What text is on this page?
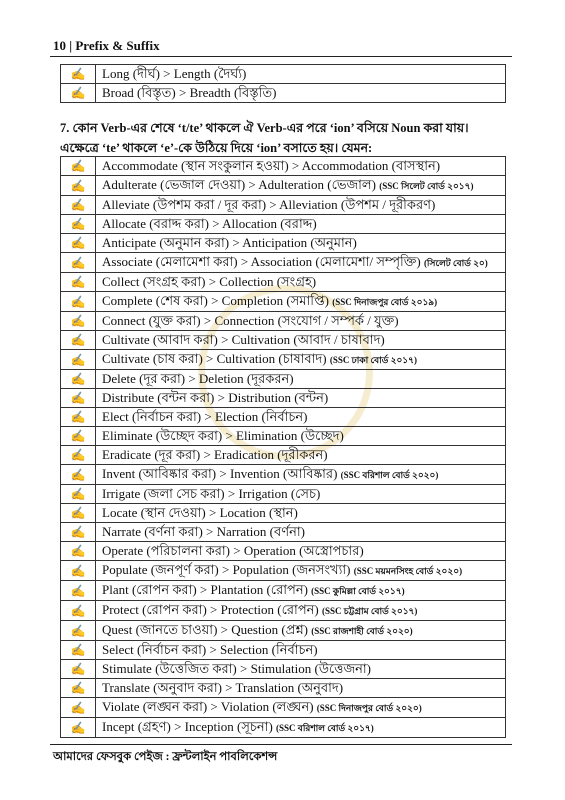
10 | Prefix & Suffix
✍	Long (দীর্ঘ) > Length (দৈর্ঘ্য)
✍	Broad (বিস্তৃত) > Breadth (বিস্তৃতি)
7. কোন Verb-এর শেষে ‘t/te’ থাকলে ঐ Verb-এর পরে ‘ion’ বসিয়ে Noun করা যায়।
এক্ষেত্রে ‘te’ থাকলে ‘e’-কে উঠিয়ে দিয়ে ‘ion’ বসাতে হয়। যেমন:
✍	Accommodate (স্থান সংকুলান হওয়া) > Accommodation (বাসস্থান)
✍	Adulterate (ভেজাল দেওয়া) > Adulteration (ভেজাল) (SSC সিলেট বোর্ড ২০১৭)
✍	Alleviate (উপশম করা / দূর করা) > Alleviation (উপশম / দূরীকরণ)
✍	Allocate (বরাদ্দ করা) > Allocation (বরাদ্দ)
✍	Anticipate (অনুমান করা) > Anticipation (অনুমান)
✍	Associate (মেলামেশা করা) > Association (মেলামেশা/ সম্পৃক্তি) (সিলেট বোর্ড ২০)
✍	Collect (সংগ্রহ করা) > Collection (সংগ্রহ)
✍	Complete (শেষ করা) > Completion (সমাপ্তি) (SSC দিনাজপুর বোর্ড ২০১৯)
✍	Connect (যুক্ত করা) > Connection (সংযোগ / সম্পর্ক / যুক্ত)
✍	Cultivate (আবাদ করা) > Cultivation (আবাদ / চাষাবাদ)
✍	Cultivate (চাষ করা) > Cultivation (চাষাবাদ) (SSC ঢাকা বোর্ড ২০১৭)
✍	Delete (দূর করা) > Deletion (দূরকরন)
✍	Distribute (বন্টন করা) > Distribution (বন্টন)
✍	Elect (নির্বাচন করা) > Election (নির্বাচন)
✍	Eliminate (উচ্ছেদ করা) > Elimination (উচ্ছেদ)
✍	Eradicate (দূর করা) > Eradication (দূরীকরন)
✍	Invent (আবিষ্কার করা) > Invention (আবিষ্কার) (SSC বরিশাল বোর্ড ২০২০)
✍	Irrigate (জলা সেচ করা) > Irrigation (সেচ)
✍	Locate (স্থান দেওয়া) > Location (স্থান)
✍	Narrate (বর্ণনা করা) > Narration (বর্ণনা)
✍	Operate (পরিচালনা করা) > Operation (অস্ত্রোপচার)
✍	Populate (জনপূর্ণ করা) > Population (জনসংখ্যা) (SSC ময়মনসিংহ বোর্ড ২০২০)
✍	Plant (রোপন করা) > Plantation (রোপন) (SSC কুমিল্লা বোর্ড ২০১৭)
✍	Protect (রোপন করা) > Protection (রোপন) (SSC চট্টগ্রাম বোর্ড ২০১৭)
✍	Quest (জানতে চাওয়া) > Question (প্রশ্ন) (SSC রাজশাহী বোর্ড ২০২০)
✍	Select (নির্বাচন করা) > Selection (নির্বাচন)
✍	Stimulate (উত্তেজিত করা) > Stimulation (উত্তেজনা)
✍	Translate (অনুবাদ করা) > Translation (অনুবাদ)
✍	Violate (লঙ্ঘন করা) > Violation (লঙ্ঘন) (SSC দিনাজপুর বোর্ড ২০২০)
✍	Incept (গ্রহণ) > Inception (সূচনা) (SSC বরিশাল বোর্ড ২০১৭)
আমাদের ফেসবুক পেইজ : ফ্রন্টলাইন পাবলিকেশন্স
